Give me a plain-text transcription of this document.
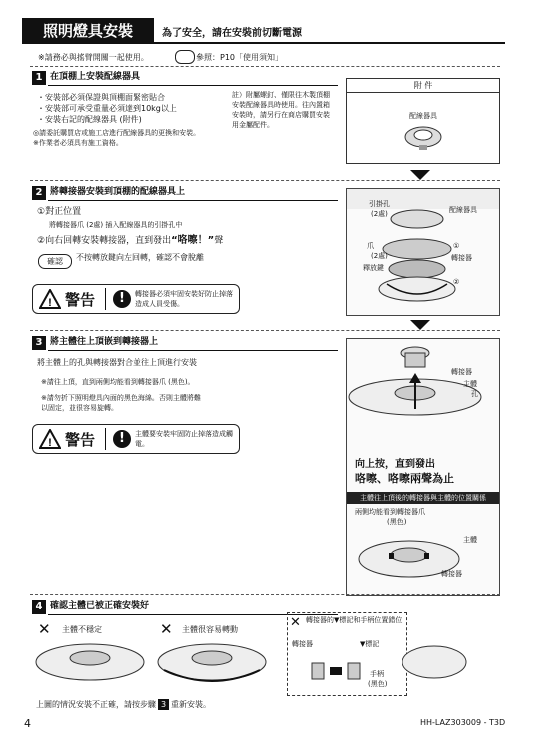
照明燈具安裝	為了安全，請在安裝前切斷電源
※請務必與搖臂開關一起使用。	參照：P10「使用須知」
1 在頂棚上安裝配線器具
・安裝部必須保證與頂棚面緊密貼合
・安裝部可承受重量必須達到10kg以上
・安裝右記的配線器具 (附件)
◎請委託購買店或施工店進行配線器具的更換和安裝。
※作業者必須具有施工資格。
註）附屬螺釘、僅限往木製頂棚安裝配線器具時使用。往內置箱安裝時，請另行在商店購買安裝用金屬配件。
附 件
配線器具
2 將轉接器安裝到頂棚的配線器具上
①對正位置
將轉接器爪 (2處) 插入配線器具的引掛孔中
②向右回轉安裝轉接器，直到發出“咯嚓！”聲
確認	不按轉放鍵向左回轉，確認不會脫離
! 警告	!	轉接器必須牢固安裝好防止掉落造成人員受傷。
引掛孔
(2處)	配線器具
爪
(2處)
①
轉接器
釋放鍵
②
3 將主體往上頂嵌到轉接器上
將主體上的孔與轉接器對合並往上頂進行安裝
※請往上頂，直到兩側均能看到轉接器爪 (黑色)。
※請勿折下照明燈具內面的黑色海綿。否則主體將難以固定，並很容易旋轉。
! 警告	!	主體要安裝牢固防止掉落造成觸電。
轉接器
主體
孔
向上按，直到發出
咯嚓、咯嚓兩聲為止
主體往上頂後的轉接器與主體的位置關係
兩側均能看到轉接器爪
(黑色)
主體
轉接器
4 確認主體已被正確安裝好
✕ 主體不穩定	✕ 主體很容易轉動	✕ 轉接器的▼標記和手柄位置錯位
轉接器	▼標記
手柄
(黑色)
上圖的情況安裝不正確，請按步驟 3 重新安裝。
4	HH-LAZ303009 - T3D
